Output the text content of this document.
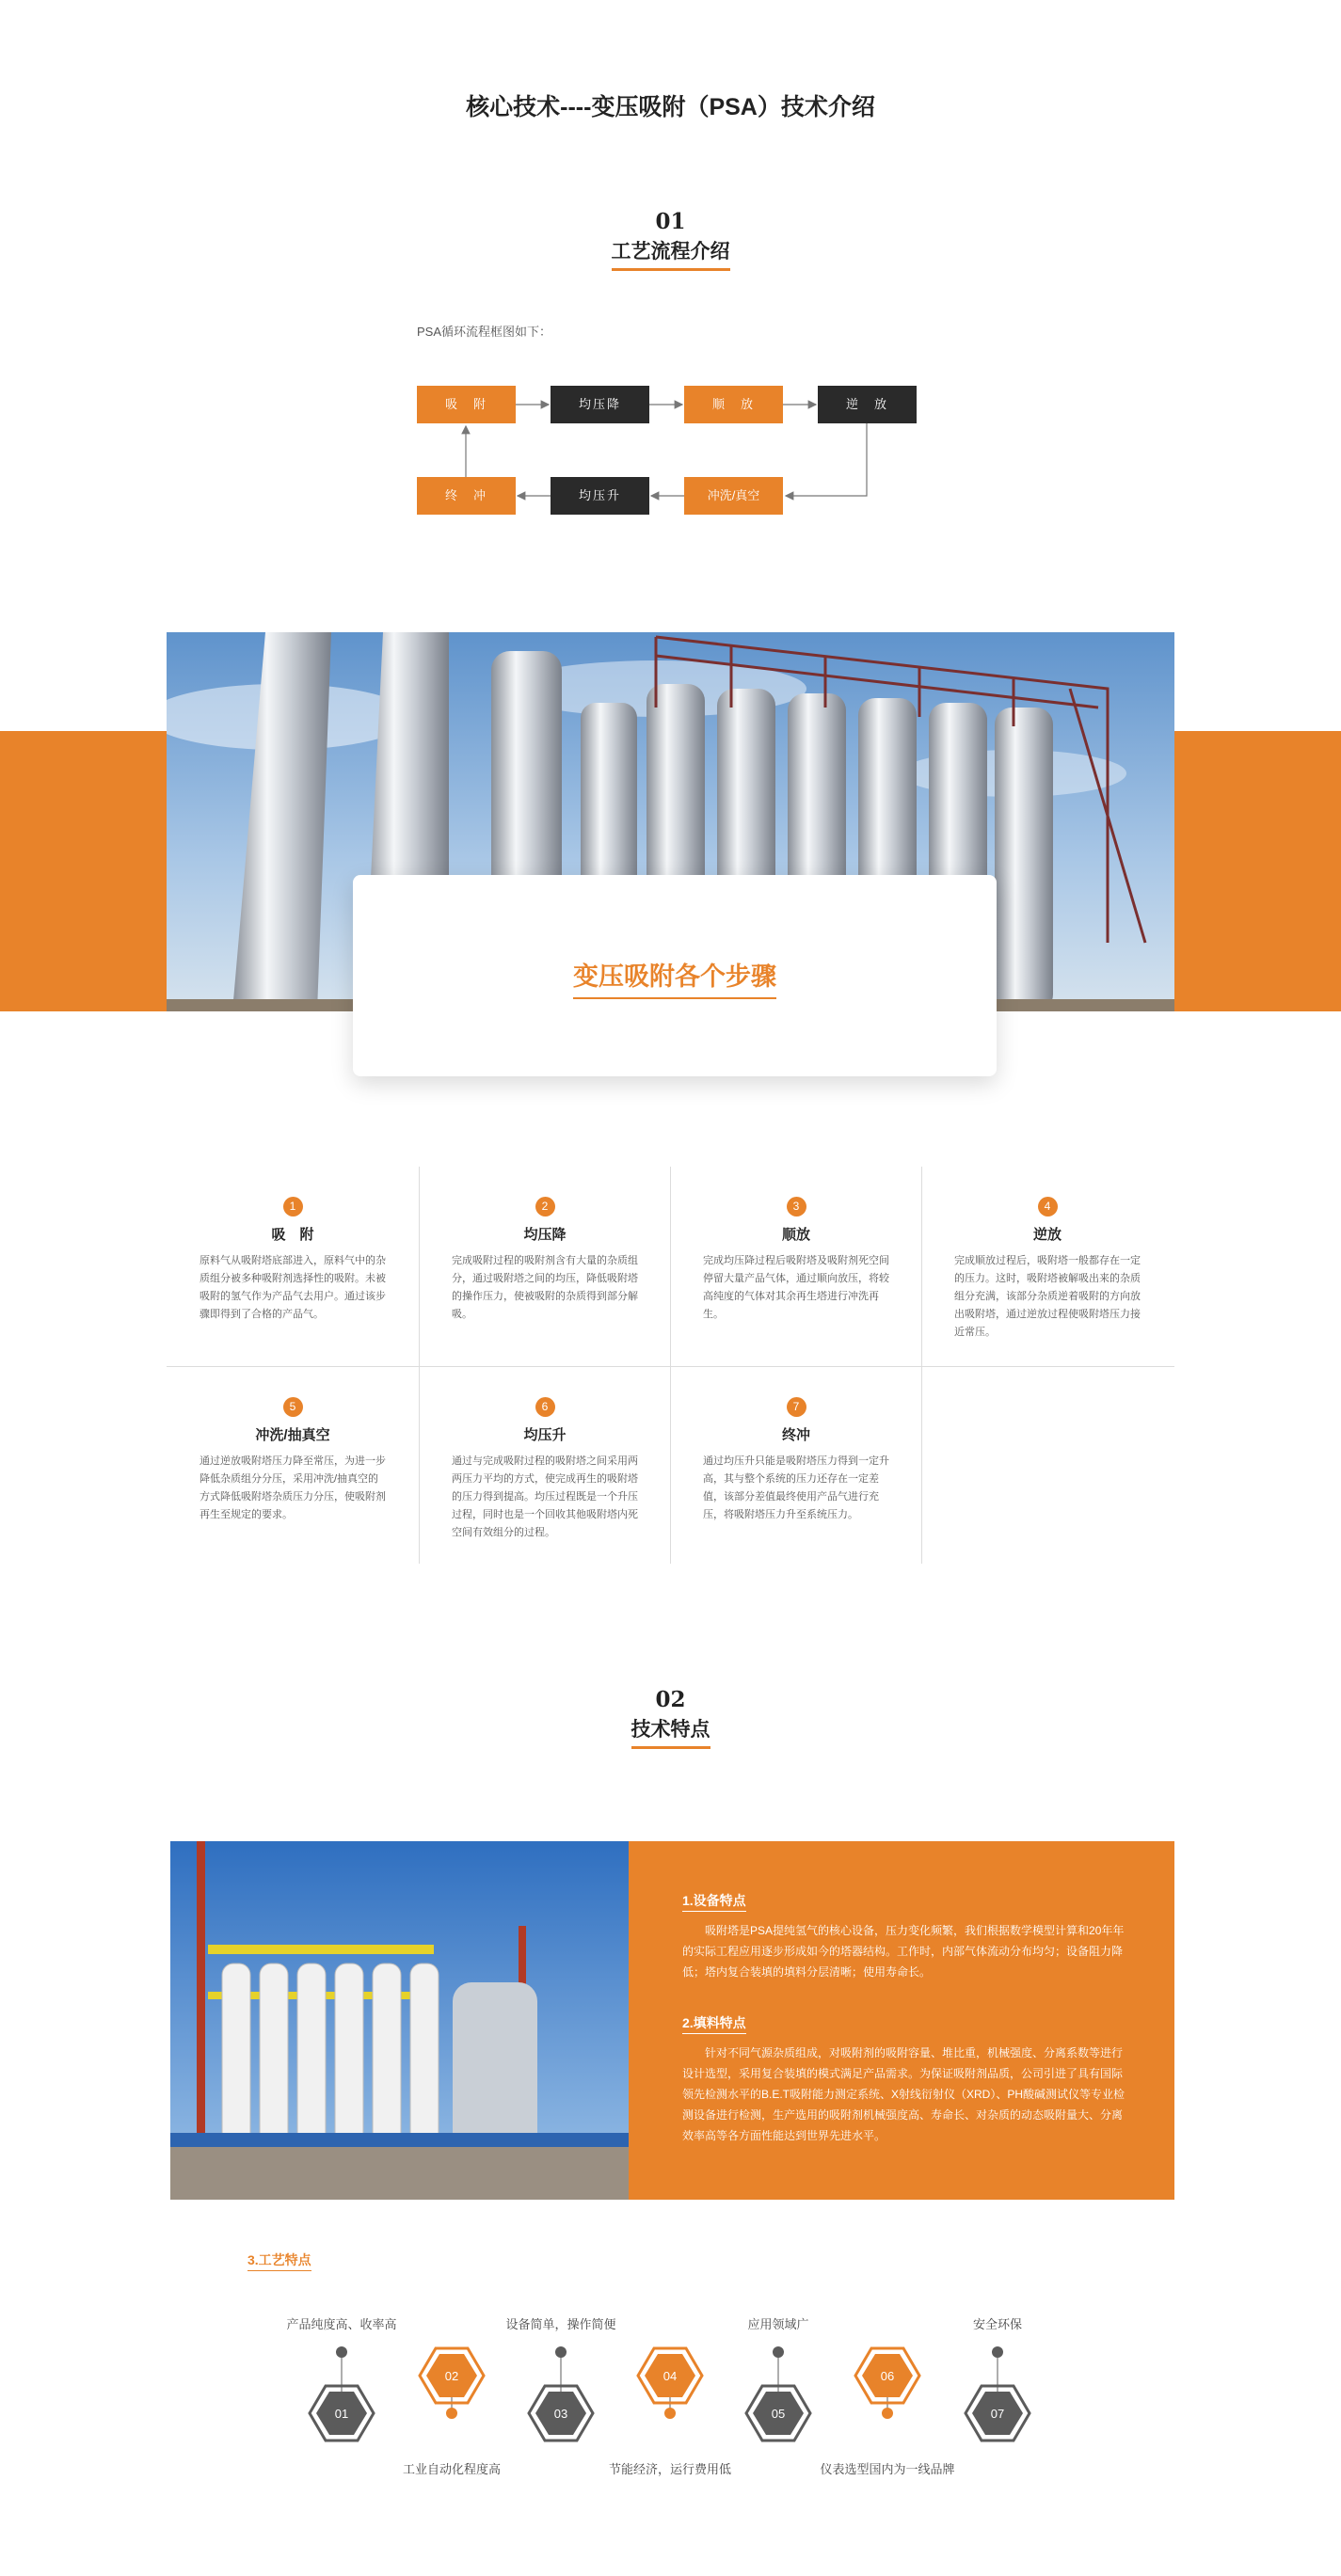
核心技术----变压吸附（PSA）技术介绍
01
工艺流程介绍
PSA循环流程框图如下：
吸　附	均压降	顺　放	逆　放
终　冲	均压升	冲洗/真空
变压吸附各个步骤
1
吸　附
原料气从吸附塔底部进入，原料气中的杂质组分被多种吸附剂选择性的吸附。未被吸附的氢气作为产品气去用户。通过该步骤即得到了合格的产品气。
2
均压降
完成吸附过程的吸附剂含有大量的杂质组分，通过吸附塔之间的均压，降低吸附塔的操作压力，使被吸附的杂质得到部分解吸。
3
顺放
完成均压降过程后吸附塔及吸附剂死空间停留大量产品气体，通过顺向放压，将较高纯度的气体对其余再生塔进行冲洗再生。
4
逆放
完成顺放过程后，吸附塔一般都存在一定的压力。这时，吸附塔被解吸出来的杂质组分充满，该部分杂质逆着吸附的方向放出吸附塔，通过逆放过程使吸附塔压力接近常压。
5
冲洗/抽真空
通过逆放吸附塔压力降至常压，为进一步降低杂质组分分压，采用冲洗/抽真空的方式降低吸附塔杂质压力分压，使吸附剂再生至规定的要求。
6
均压升
通过与完成吸附过程的吸附塔之间采用两两压力平均的方式，使完成再生的吸附塔的压力得到提高。均压过程既是一个升压过程，同时也是一个回收其他吸附塔内死空间有效组分的过程。
7
终冲
通过均压升只能是吸附塔压力得到一定升高，其与整个系统的压力还存在一定差值，该部分差值最终使用产品气进行充压，将吸附塔压力升至系统压力。
02
技术特点
1.设备特点
吸附塔是PSA提纯氢气的核心设备，压力变化频繁，我们根据数学模型计算和20年年的实际工程应用逐步形成如今的塔器结构。工作时，内部气体流动分布均匀；设备阻力降低；塔内复合装填的填料分层清晰；使用寿命长。
2.填料特点
针对不同气源杂质组成，对吸附剂的吸附容量、堆比重，机械强度、分离系数等进行设计选型，采用复合装填的模式满足产品需求。为保证吸附剂品质，公司引进了具有国际领先检测水平的B.E.T吸附能力测定系统、X射线衍射仪（XRD）、PH酸碱测试仪等专业检测设备进行检测，生产选用的吸附剂机械强度高、寿命长、对杂质的动态吸附量大、分离效率高等各方面性能达到世界先进水平。
3.工艺特点
01
02
03
04
05
06
07
产品纯度高、收率高	设备简单，操作简便	应用领域广	安全环保
工业自动化程度高	节能经济，运行费用低	仪表选型国内为一线品牌
